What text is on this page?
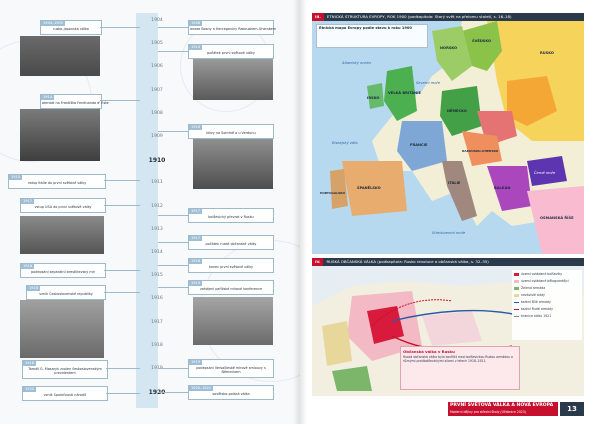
1904
1905
1906
1907
1908
1909
1910
1911
1912
1913
1914
1915
1916
1917
1918
1919
1920
1904–1905
rusko-japonská válka
1914
atentát na Františka Ferdinanda d' Este
1915
vstup Itálie do první světové války
1917
vstup USA do první světové války
1918
podepsání separátní brestlitevský mír
1918
vznik Československé republiky
1918
Tomáš G. Masaryk zvolen československým prezidentem
1920
vznik Společnosti národů
1908
anexe Bosny a Hercegoviny Rakouskem-Uherskem
1914
počátek první světové války
1916
bitvy na Sommě a u Verdunu
1917
bolševický převrat v Rusku
1917
počátek ruské občanské války
1918
konec první světové války
1919
zahájení pařížské mírové konference
1919
podepsání Versailleské mírové smlouvy s Německem
1920–1921
sovětsko-polská válka
III. ETNICKÁ STRUKTURA EVROPY, ROK 1900 (podkapitola: Starý svět na přelomu století, s. 16–18)
Atlantský oceán
Severní moře
Biskajský záliv
Středozemní moře
Černé moře
NORSKO
ŠVÉDSKO
VELKÁ BRITÁNIE
IRSKO
NĚMECKO
FRANCIE
RUSKO
ŠPANĚLSKO
PORTUGALSKO
ITÁLIE
RAKOUSKO-UHERSKO
BALKÁN
OSMANSKÁ ŘÍŠE
Etnická mapa Evropy podle stavu k roku 1900
IV. RUSKÁ OBČANSKÁ VÁLKA (podkapitola: Rusko revoluce a občanská válka, s. 32–35)
území ovládané bolševiky
území ovládané bělogvardějci
Zelená armáda
nezávislé státy
tažení Bílé armády
tažení Rudé armády
hranice státu 1921
Občanská válka v Rusku
Ruská občanská válka byla konflikt mezi bolševickou Rudou armádou a různými protibolševickými silami v letech 1918–1921.
PRVNÍ SVĚTOVÁ VÁLKA A NOVÁ EVROPA
Moderní dějiny pro střední školy (Učebnice 2023)	13
